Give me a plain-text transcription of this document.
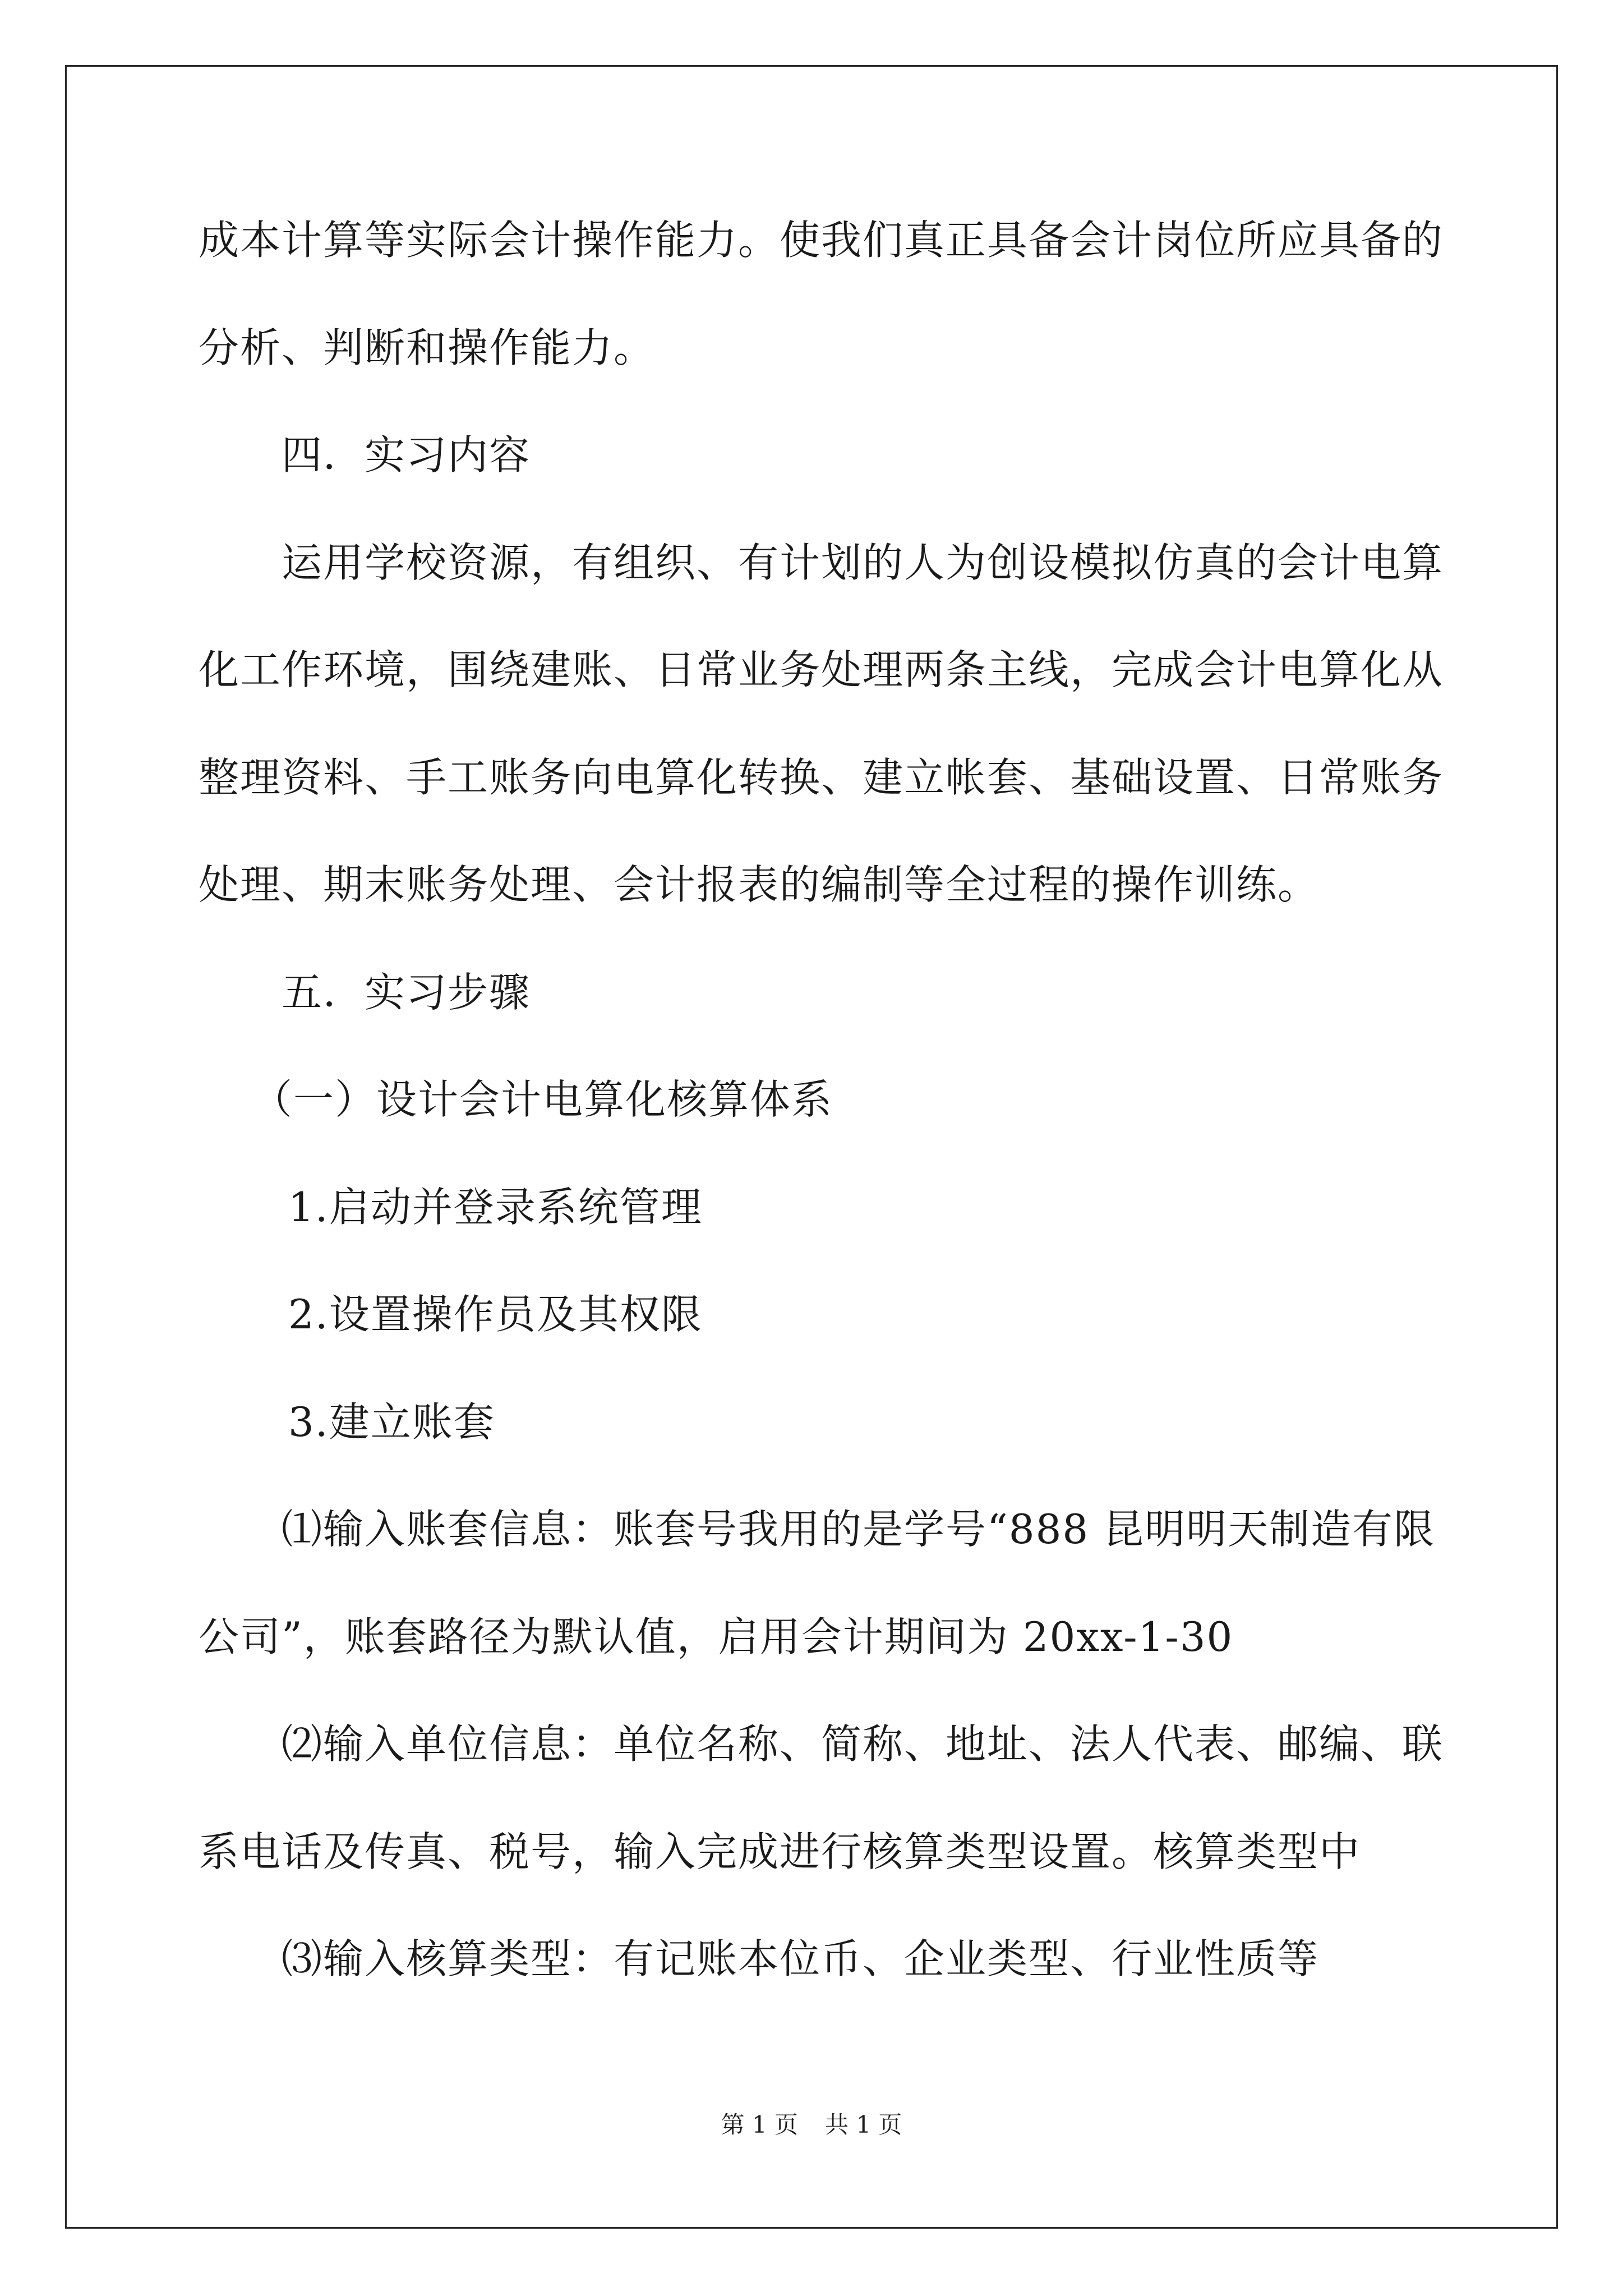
成本计算等实际会计操作能力。使我们真正具备会计岗位所应具备的

分析、判断和操作能力。

四．实习内容

运用学校资源，有组织、有计划的人为创设模拟仿真的会计电算

化工作环境，围绕建账、日常业务处理两条主线，完成会计电算化从

整理资料、手工账务向电算化转换、建立帐套、基础设置、日常账务

处理、期末账务处理、会计报表的编制等全过程的操作训练。

五．实习步骤

（一）设计会计电算化核算体系

1.启动并登录系统管理

2.设置操作员及其权限

3.建立账套

⑴输入账套信息：账套号我用的是学号“888 昆明明天制造有限

公司”，账套路径为默认值，启用会计期间为 20xx-1-30

⑵输入单位信息：单位名称、简称、地址、法人代表、邮编、联

系电话及传真、税号，输入完成进行核算类型设置。核算类型中

⑶输入核算类型：有记账本位币、企业类型、行业性质等

第 1 页 共 1 页
